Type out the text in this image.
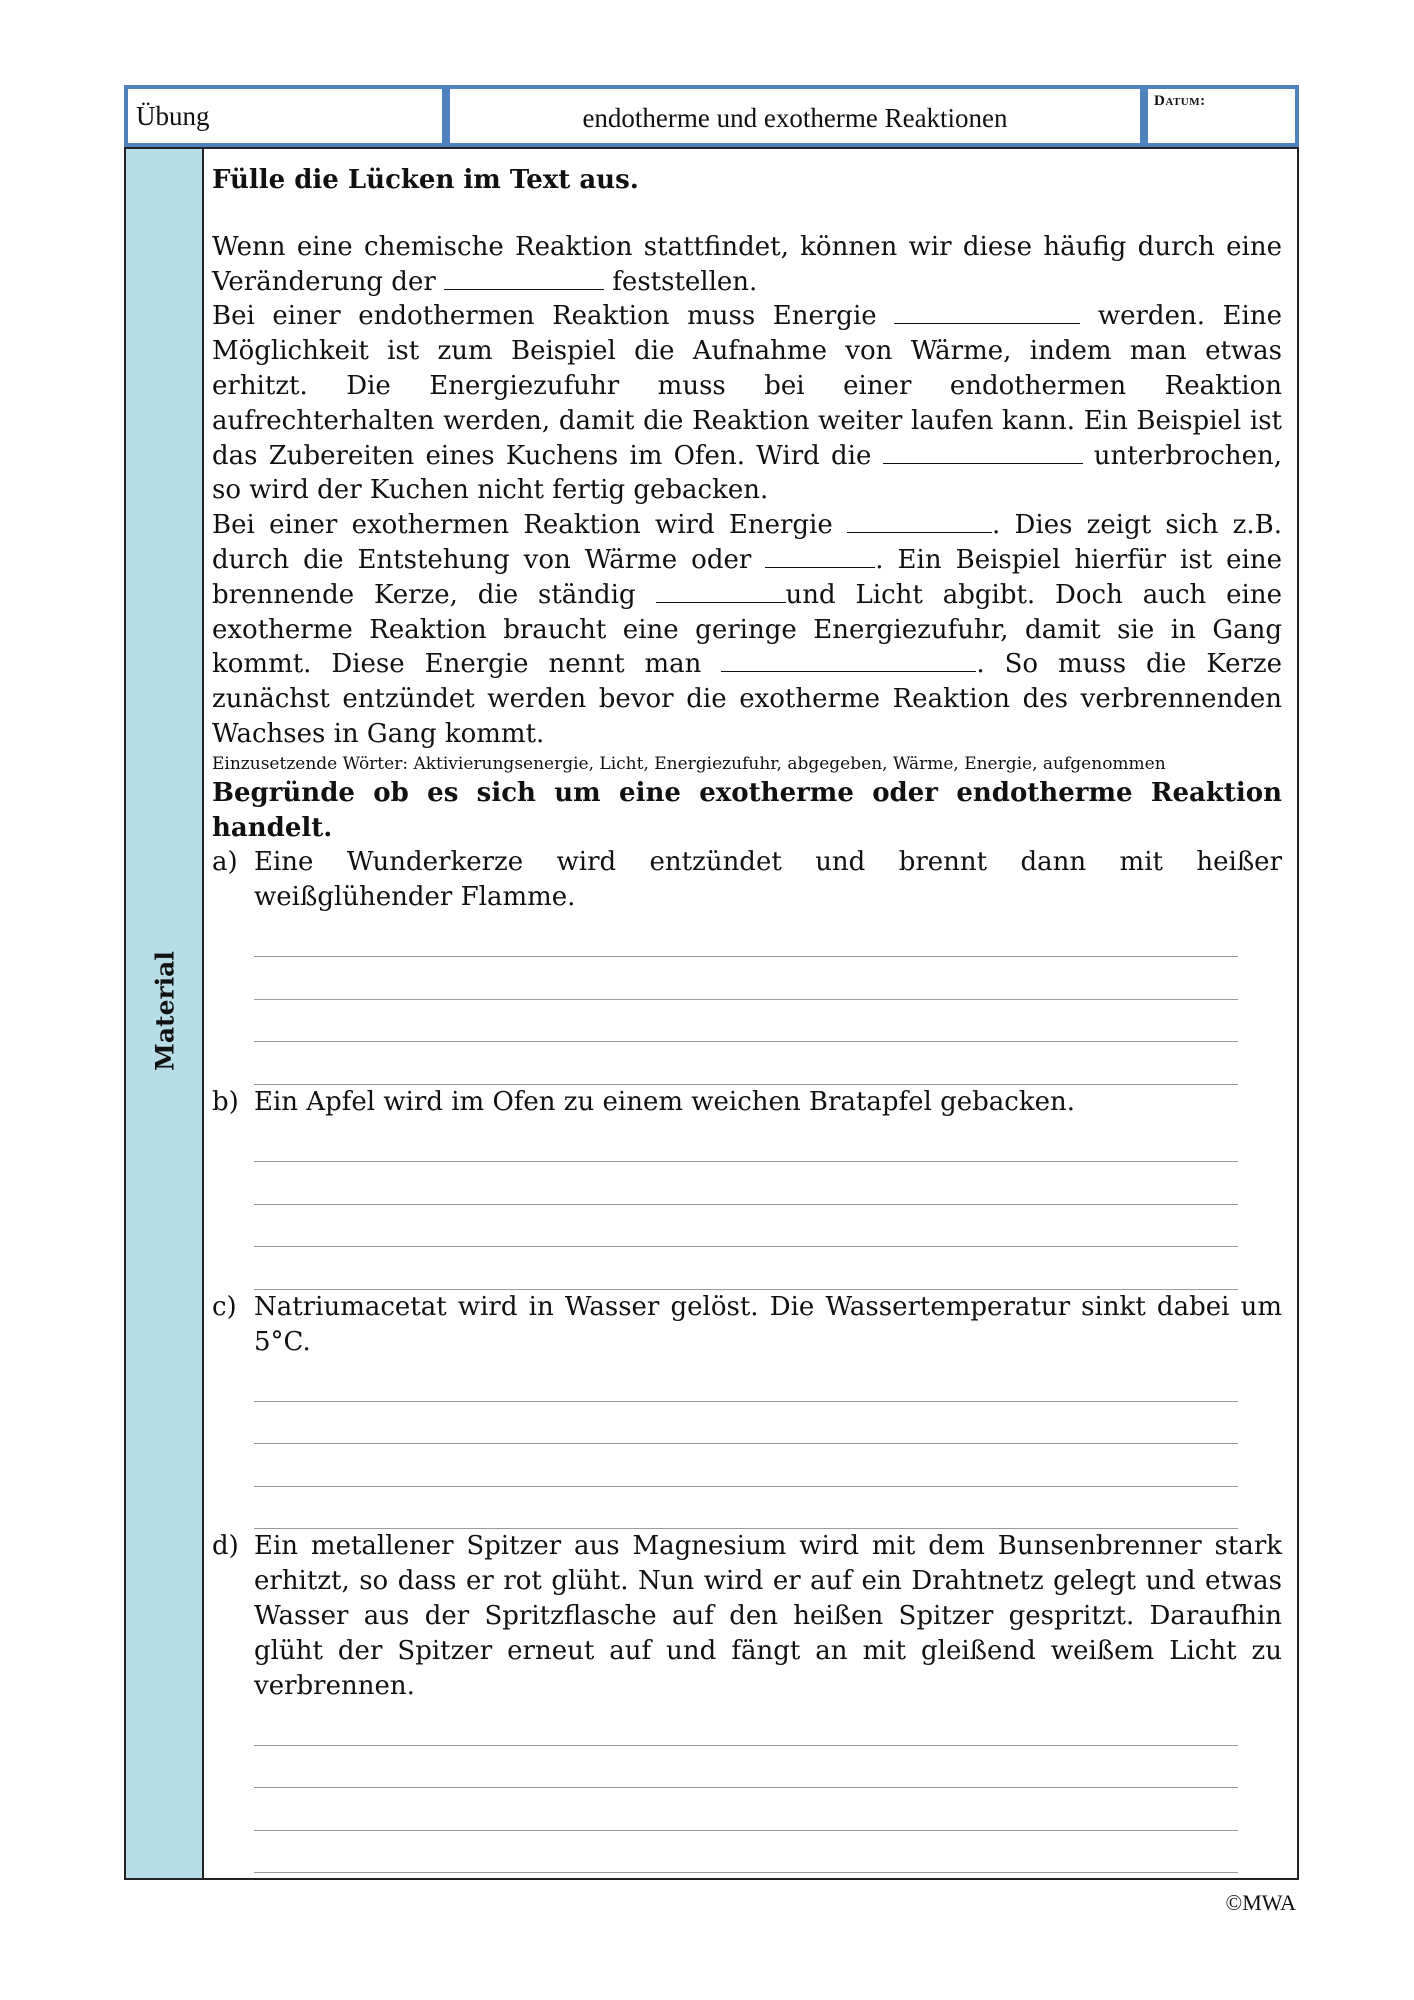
Übung	endotherme und exotherme Reaktionen
Datum:
Material

Fülle die Lücken im Text aus.

Wenn eine chemische Reaktion stattfindet, können wir diese häufig durch eine Veränderung der	feststellen.

Bei einer endothermen Reaktion muss Energie	werden. Eine Möglichkeit ist zum Beispiel die Aufnahme von Wärme, indem man etwas erhitzt. Die Energiezufuhr muss bei einer endothermen Reaktion aufrechterhalten werden, damit die Reaktion weiter laufen kann. Ein Beispiel ist das Zubereiten eines Kuchens im Ofen. Wird die	unterbrochen, so wird der Kuchen nicht fertig gebacken.

Bei einer exothermen Reaktion wird Energie	. Dies zeigt sich z.B. durch die Entstehung von Wärme oder	. Ein Beispiel hierfür ist eine brennende Kerze, die ständig	und Licht abgibt. Doch auch eine exotherme Reaktion braucht eine geringe Energiezufuhr, damit sie in Gang kommt. Diese Energie nennt man	. So muss die Kerze zunächst entzündet werden bevor die exotherme Reaktion des verbrennenden Wachses in Gang kommt.

Einzusetzende Wörter: Aktivierungsenergie, Licht, Energiezufuhr, abgegeben, Wärme, Energie, aufgenommen

Begründe ob es sich um eine exotherme oder endotherme Reaktion handelt.

a) Eine Wunderkerze wird entzündet und brennt dann mit heißer weißglühender Flamme.

b) Ein Apfel wird im Ofen zu einem weichen Bratapfel gebacken.

c) Natriumacetat wird in Wasser gelöst. Die Wassertemperatur sinkt dabei um 5°C.

d) Ein metallener Spitzer aus Magnesium wird mit dem Bunsenbrenner stark erhitzt, so dass er rot glüht. Nun wird er auf ein Drahtnetz gelegt und etwas Wasser aus der Spritzflasche auf den heißen Spitzer gespritzt. Daraufhin glüht der Spitzer erneut auf und fängt an mit gleißend weißem Licht zu verbrennen.

©MWA
